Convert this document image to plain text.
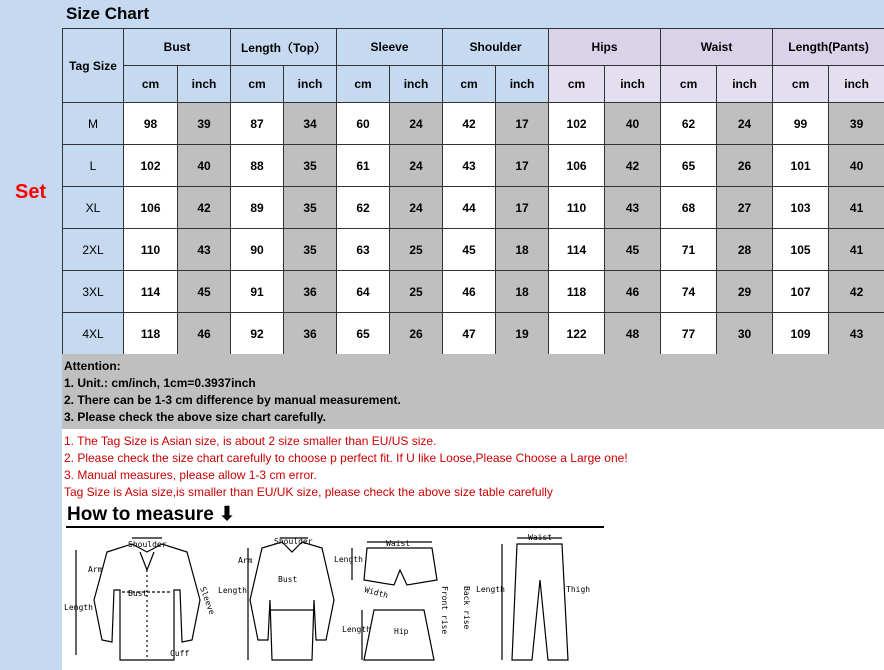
Set
Size Chart
Tag Size	Bust		Length（Top）		Sleeve		Shoulder		Hips		Waist		Length(Pants)	
	cm	inch	cm	inch	cm	inch	cm	inch	cm	inch	cm	inch	cm	inch
M	98	39	87	34	60	24	42	17	102	40	62	24	99	39
L	102	40	88	35	61	24	43	17	106	42	65	26	101	40
XL	106	42	89	35	62	24	44	17	110	43	68	27	103	41
2XL	110	43	90	35	63	25	45	18	114	45	71	28	105	41
3XL	114	45	91	36	64	25	46	18	118	46	74	29	107	42
4XL	118	46	92	36	65	26	47	19	122	48	77	30	109	43
Attention:
1. Unit.: cm/inch, 1cm=0.3937inch
2. There can be 1-3 cm difference by manual measurement.
3. Please check the above size chart carefully.
1. The Tag Size is Asian size, is about 2 size smaller than EU/US size.
2. Please check the size chart carefully to choose p perfect fit. If U like Loose,Please Choose a Large one!
3. Manual measures, please allow 1-3 cm error.
Tag Size is Asia size,is smaller than EU/UK size, please check the above size table carefully
How to measure ⬇
Shoulder
Arm
Bust	Sleeve
Length
Cuff
Shoulder
Arm
Bust
Length
Waist
Length
Width	Front rise Back rise
Length	Hip
Waist
Length	Thigh
